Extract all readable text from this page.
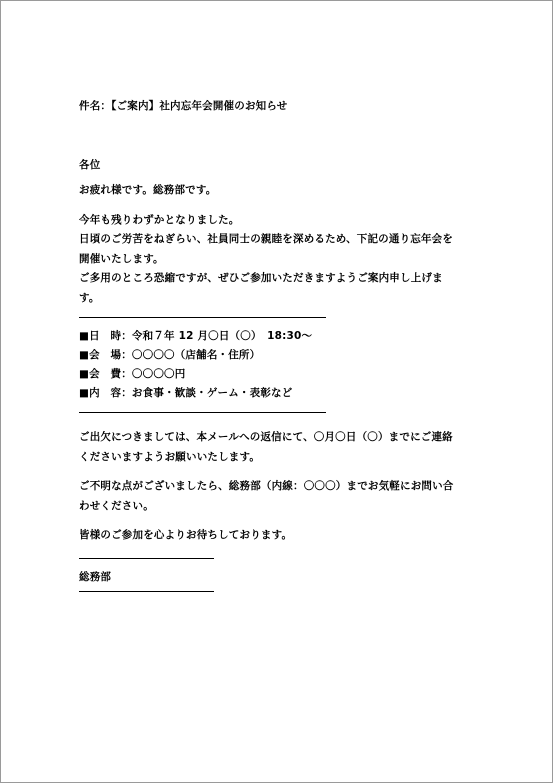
件名：【ご案内】社内忘年会開催のお知らせ

各位

お疲れ様です。総務部です。

今年も残りわずかとなりました。

日頃のご労苦をねぎらい、社員同士の親睦を深めるため、下記の通り忘年会を

開催いたします。

ご多用のところ恐縮ですが、ぜひご参加いただきますようご案内申し上げま

す。

■日　時：令和７年 12 月〇日（〇）　18:30～

■会　場：〇〇〇〇（店舗名・住所）

■会　費：〇〇〇〇円

■内　容：お食事・歓談・ゲーム・表彰など

ご出欠につきましては、本メールへの返信にて、〇月〇日（〇）までにご連絡

くださいますようお願いいたします。

ご不明な点がございましたら、総務部（内線：〇〇〇）までお気軽にお問い合

わせください。

皆様のご参加を心よりお待ちしております。

総務部
